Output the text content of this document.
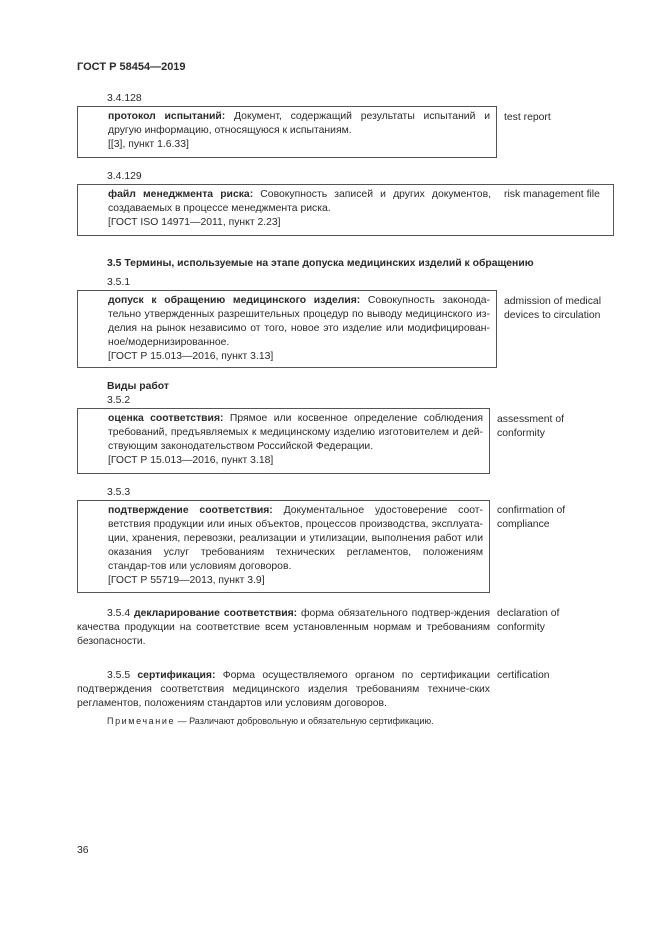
ГОСТ Р 58454—2019
3.4.128

протокол испытаний: Документ, содержащий результаты испытаний и другую информацию, относящуюся к испытаниям.

[[3], пункт 1.6.33]
test report
3.4.129

файл менеджмента риска: Совокупность записей и других документов, создаваемых в процессе менеджмента риска.

[ГОСТ ISO 14971—2011, пункт 2.23]
risk management file
3.5 Термины, используемые на этапе допуска медицинских изделий к обращению
3.5.1

допуск к обращению медицинского изделия: Совокупность законода-тельно утвержденных разрешительных процедур по выводу медицинского из-делия на рынок независимо от того, новое это изделие или модифицирован-ное/модернизированное.

[ГОСТ Р 15.013—2016, пункт 3.13]
admission of medical devices to circulation
Виды работ
3.5.2

оценка соответствия: Прямое или косвенное определение соблюдения требований, предъявляемых к медицинскому изделию изготовителем и дей-ствующим законодательством Российской Федерации.

[ГОСТ Р 15.013—2016, пункт 3.18]
assessment of conformity
3.5.3

подтверждение соответствия: Документальное удостоверение соот-ветствия продукции или иных объектов, процессов производства, эксплуата-ции, хранения, перевозки, реализации и утилизации, выполнения работ или оказания услуг требованиям технических регламентов, положениям стандар-тов или условиям договоров.

[ГОСТ Р 55719—2013, пункт 3.9]
confirmation of compliance

3.5.4 декларирование соответствия: форма обязательного подтвер-ждения качества продукции на соответствие всем установленным нормам и требованиям безопасности.

declaration of conformity

3.5.5 сертификация: Форма осуществляемого органом по сертификации подтверждения соответствия медицинского изделия требованиям техниче-ских регламентов, положениям стандартов или условиям договоров.

certification
Примечание — Различают добровольную и обязательную сертификацию.
36
